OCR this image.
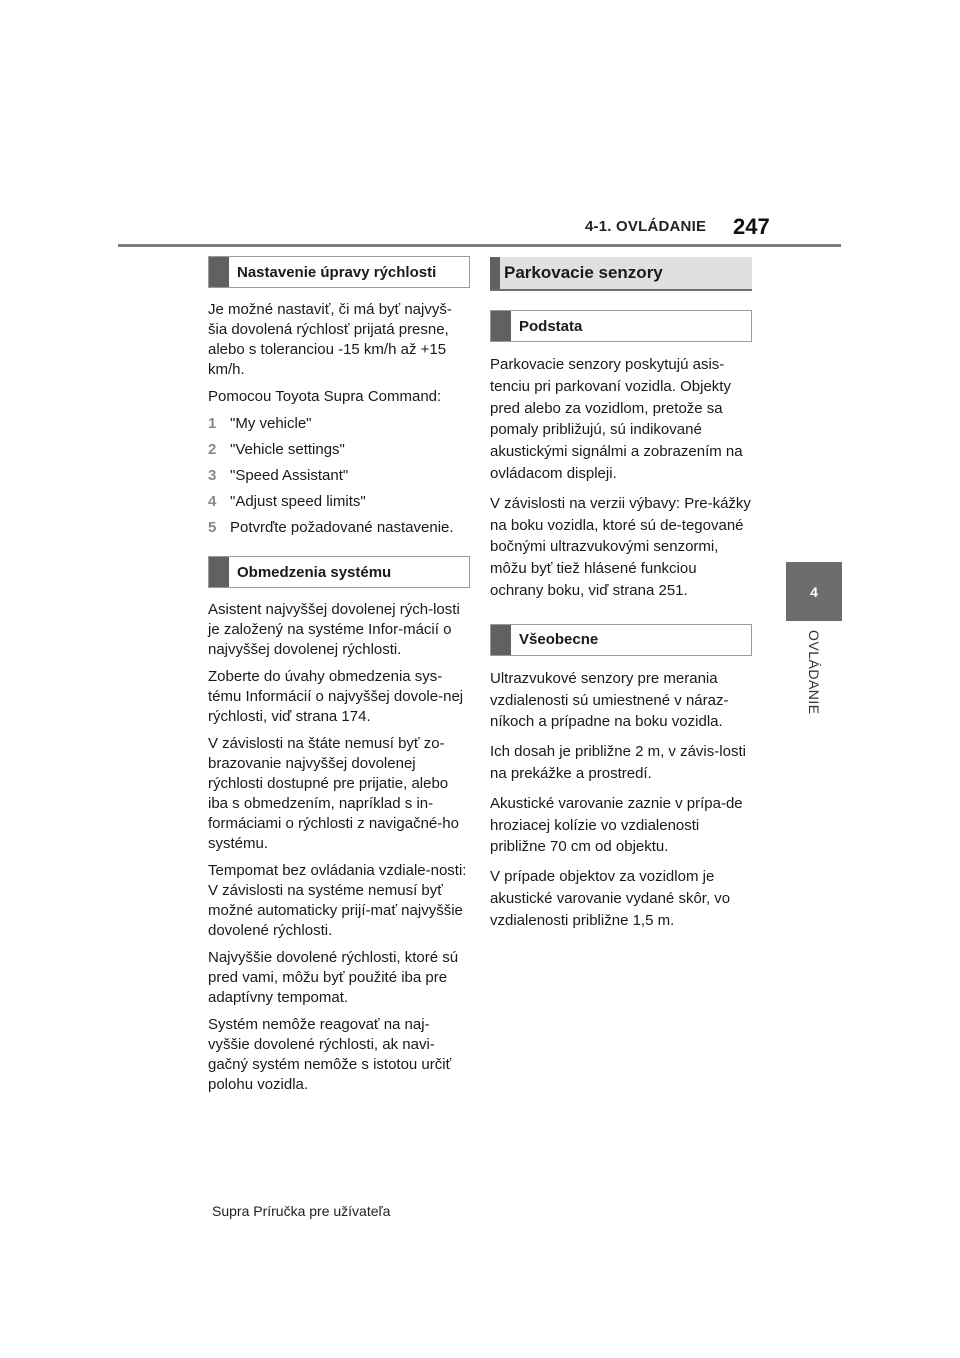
4-1. OVLÁDANIE 247
4
OVLÁDANIE
Nastavenie úpravy rýchlosti

Je možné nastaviť, či má byť najvyš-šia dovolená rýchlosť prijatá presne, alebo s toleranciou -15 km/h až +15 km/h.

Pomocou Toyota Supra Command:

1 "My vehicle"
2 "Vehicle settings"
3 "Speed Assistant"
4 "Adjust speed limits"
5 Potvrďte požadované nastavenie.
Obmedzenia systému

Asistent najvyššej dovolenej rých-losti je založený na systéme Infor-mácií o najvyššej dovolenej rýchlosti.

Zoberte do úvahy obmedzenia sys-tému Informácií o najvyššej dovole-nej rýchlosti, viď strana 174.

V závislosti na štáte nemusí byť zo-brazovanie najvyššej dovolenej rýchlosti dostupné pre prijatie, alebo iba s obmedzením, napríklad s in-formáciami o rýchlosti z navigačné-ho systému.

Tempomat bez ovládania vzdiale-nosti: V závislosti na systéme nemusí byť možné automaticky prijí-mať najvyššie dovolené rýchlosti.

Najvyššie dovolené rýchlosti, ktoré sú pred vami, môžu byť použité iba pre adaptívny tempomat.

Systém nemôže reagovať na naj-vyššie dovolené rýchlosti, ak navi-gačný systém nemôže s istotou určiť polohu vozidla.

Parkovacie senzory
Podstata

Parkovacie senzory poskytujú asis-tenciu pri parkovaní vozidla. Objekty pred alebo za vozidlom, pretože sa pomaly približujú, sú indikované akustickými signálmi a zobrazením na ovládacom displeji.

V závislosti na verzii výbavy: Pre-kážky na boku vozidla, ktoré sú de-tegované bočnými ultrazvukovými senzormi, môžu byť tiež hlásené funkciou ochrany boku, viď strana 251.

Všeobecne

Ultrazvukové senzory pre merania vzdialenosti sú umiestnené v náraz-níkoch a prípadne na boku vozidla.

Ich dosah je približne 2 m, v závis-losti na prekážke a prostredí.

Akustické varovanie zaznie v prípa-de hroziacej kolízie vo vzdialenosti približne 70 cm od objektu.

V prípade objektov za vozidlom je akustické varovanie vydané skôr, vo vzdialenosti približne 1,5 m.

Supra Príručka pre užívateľa
